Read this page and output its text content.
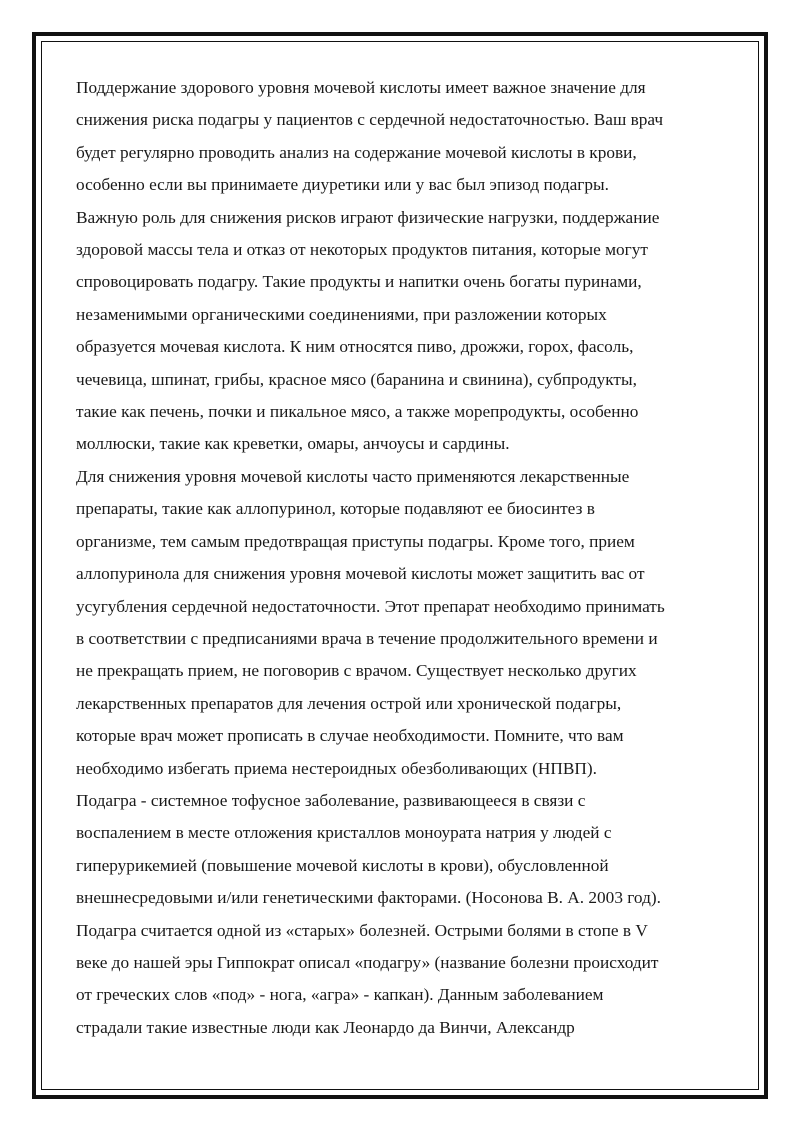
Поддержание здорового уровня мочевой кислоты имеет важное значение для
снижения риска подагры у пациентов с сердечной недостаточностью. Ваш врач
будет регулярно проводить анализ на содержание мочевой кислоты в крови,
особенно если вы принимаете диуретики или у вас был эпизод подагры.
Важную роль для снижения рисков играют физические нагрузки, поддержание
здоровой массы тела и отказ от некоторых продуктов питания, которые могут
спровоцировать подагру. Такие продукты и напитки очень богаты пуринами,
незаменимыми органическими соединениями, при разложении которых
образуется мочевая кислота. К ним относятся пиво, дрожжи, горох, фасоль,
чечевица, шпинат, грибы, красное мясо (баранина и свинина), субпродукты,
такие как печень, почки и пикальное мясо, а также морепродукты, особенно
моллюски, такие как креветки, омары, анчоусы и сардины.
Для снижения уровня мочевой кислоты часто применяются лекарственные
препараты, такие как аллопуринол, которые подавляют ее биосинтез в
организме, тем самым предотвращая приступы подагры. Кроме того, прием
аллопуринола для снижения уровня мочевой кислоты может защитить вас от
усугубления сердечной недостаточности. Этот препарат необходимо принимать
в соответствии с предписаниями врача в течение продолжительного времени и
не прекращать прием, не поговорив с врачом. Существует несколько других
лекарственных препаратов для лечения острой или хронической подагры,
которые врач может прописать в случае необходимости. Помните, что вам
необходимо избегать приема нестероидных обезболивающих (НПВП).
Подагра - системное тофусное заболевание, развивающееся в связи с
воспалением в месте отложения кристаллов моноурата натрия у людей с
гиперурикемией (повышение мочевой кислоты в крови), обусловленной
внешнесредовыми и/или генетическими факторами. (Носонова В. А. 2003 год).
Подагра считается одной из «старых» болезней. Острыми болями в стопе в V
веке до нашей эры Гиппократ описал «подагру» (название болезни происходит
от греческих слов «под» - нога, «агра» - капкан). Данным заболеванием
страдали такие известные люди как Леонардо да Винчи, Александр
